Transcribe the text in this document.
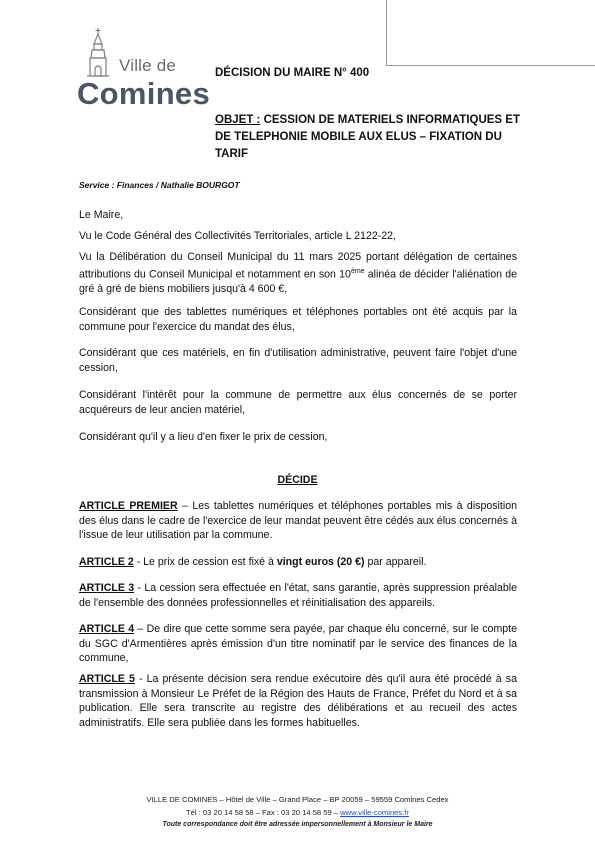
Ville de
Comines
DÉCISION DU MAIRE N° 400
OBJET : CESSION DE MATERIELS INFORMATIQUES ET DE TELEPHONIE MOBILE AUX ELUS – FIXATION DU TARIF
Service : Finances / Nathalie BOURGOT
Le Maire,
Vu le Code Général des Collectivités Territoriales, article L 2122-22,
Vu la Délibération du Conseil Municipal du 11 mars 2025 portant délégation de certaines attributions du Conseil Municipal et notamment en son 10ème alinéa de décider l'aliénation de gré à gré de biens mobiliers jusqu'à 4 600 €,
Considérant que des tablettes numériques et téléphones portables ont été acquis par la commune pour l'exercice du mandat des élus,
Considérant que ces matériels, en fin d'utilisation administrative, peuvent faire l'objet d'une cession,
Considérant l'intérêt pour la commune de permettre aux élus concernés de se porter acquéreurs de leur ancien matériel,
Considérant qu'il y a lieu d'en fixer le prix de cession,
DÉCIDE
ARTICLE PREMIER – Les tablettes numériques et téléphones portables mis à disposition des élus dans le cadre de l'exercice de leur mandat peuvent être cédés aux élus concernés à l'issue de leur utilisation par la commune.
ARTICLE 2 - Le prix de cession est fixé à vingt euros (20 €) par appareil.
ARTICLE 3 - La cession sera effectuée en l'état, sans garantie, après suppression préalable de l'ensemble des données professionnelles et réinitialisation des appareils.
ARTICLE 4 – De dire que cette somme sera payée, par chaque élu concerné, sur le compte du SGC d'Armentières après émission d'un titre nominatif par le service des finances de la commune,
ARTICLE 5 - La présente décision sera rendue exécutoire dès qu'il aura été procédé à sa transmission à Monsieur Le Préfet de la Région des Hauts de France, Préfet du Nord et à sa publication. Elle sera transcrite au registre des délibérations et au recueil des actes administratifs. Elle sera publiée dans les formes habituelles.
VILLE DE COMINES – Hôtel de Ville – Grand Place – BP 20059 – 59559 Comines Cedex
Tél : 03 20 14 58 58 – Fax : 03 20 14 58 59 – www.ville-comines.fr
Toute correspondance doit être adressée impersonnellement à Monsieur le Maire
